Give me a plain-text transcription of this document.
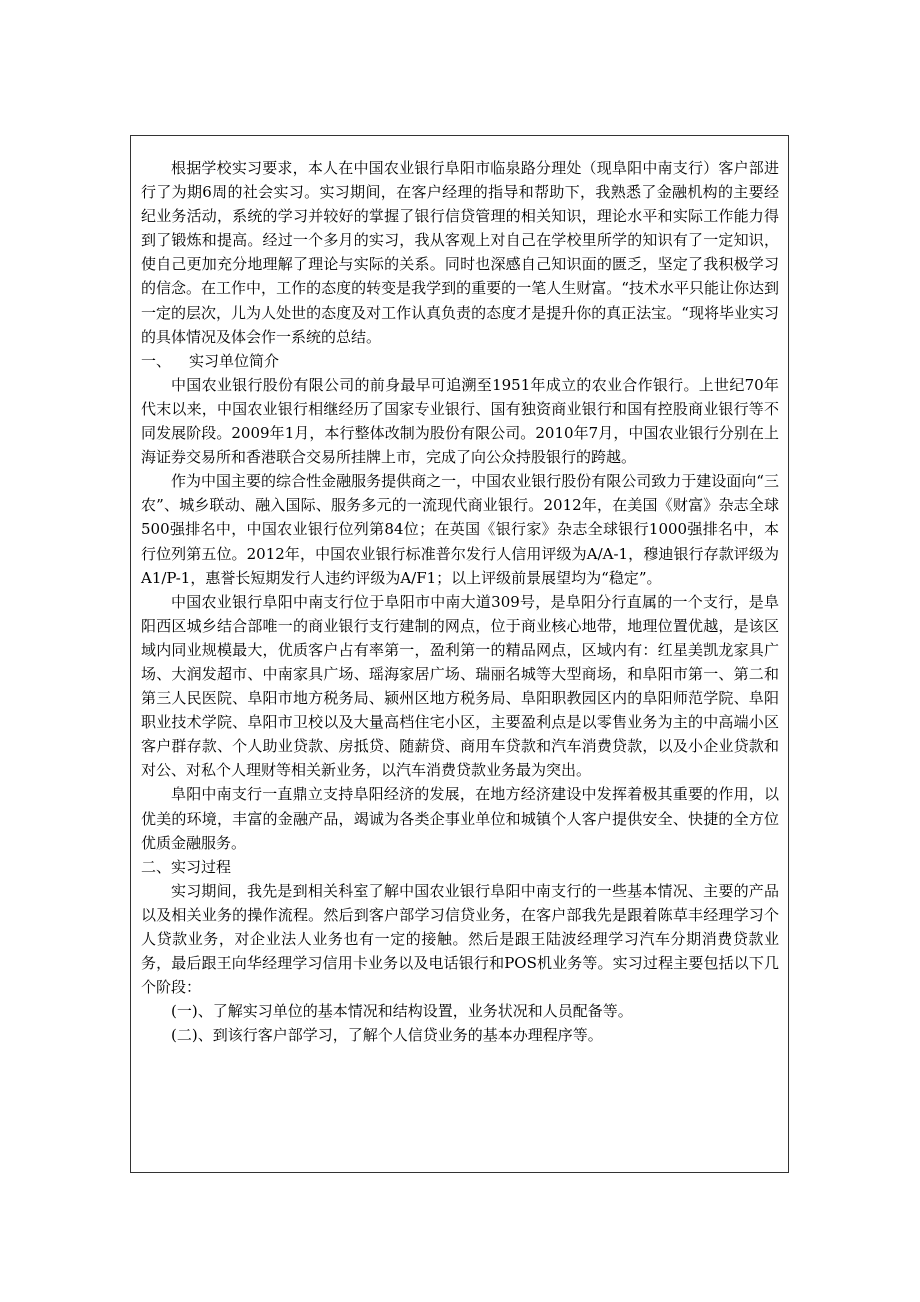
根据学校实习要求，本人在中国农业银行阜阳市临泉路分理处（现阜阳中南支行）客户部进行了为期6周的社会实习。实习期间，在客户经理的指导和帮助下，我熟悉了金融机构的主要经纪业务活动，系统的学习并较好的掌握了银行信贷管理的相关知识，理论水平和实际工作能力得到了锻炼和提高。经过一个多月的实习，我从客观上对自己在学校里所学的知识有了一定知识，使自己更加充分地理解了理论与实际的关系。同时也深感自己知识面的匮乏，坚定了我积极学习的信念。在工作中，工作的态度的转变是我学到的重要的一笔人生财富。“技术水平只能让你达到一定的层次，儿为人处世的态度及对工作认真负责的态度才是提升你的真正法宝。“现将毕业实习的具体情况及体会作一系统的总结。

一、 实习单位简介

中国农业银行股份有限公司的前身最早可追溯至1951年成立的农业合作银行。上世纪70年代末以来，中国农业银行相继经历了国家专业银行、国有独资商业银行和国有控股商业银行等不同发展阶段。2009年1月，本行整体改制为股份有限公司。2010年7月，中国农业银行分别在上海证券交易所和香港联合交易所挂牌上市，完成了向公众持股银行的跨越。

作为中国主要的综合性金融服务提供商之一，中国农业银行股份有限公司致力于建设面向“三农”、城乡联动、融入国际、服务多元的一流现代商业银行。2012年，在美国《财富》杂志全球500强排名中，中国农业银行位列第84位；在英国《银行家》杂志全球银行1000强排名中，本行位列第五位。2012年，中国农业银行标准普尔发行人信用评级为A/A-1，穆迪银行存款评级为A1/P-1，惠誉长短期发行人违约评级为A/F1；以上评级前景展望均为“稳定”。

中国农业银行阜阳中南支行位于阜阳市中南大道309号，是阜阳分行直属的一个支行，是阜阳西区城乡结合部唯一的商业银行支行建制的网点，位于商业核心地带，地理位置优越，是该区域内同业规模最大，优质客户占有率第一，盈利第一的精品网点，区域内有：红星美凯龙家具广场、大润发超市、中南家具广场、瑶海家居广场、瑞丽名城等大型商场，和阜阳市第一、第二和第三人民医院、阜阳市地方税务局、颍州区地方税务局、阜阳职教园区内的阜阳师范学院、阜阳职业技术学院、阜阳市卫校以及大量高档住宅小区，主要盈利点是以零售业务为主的中高端小区客户群存款、个人助业贷款、房抵贷、随薪贷、商用车贷款和汽车消费贷款，以及小企业贷款和对公、对私个人理财等相关新业务，以汽车消费贷款业务最为突出。

阜阳中南支行一直鼎立支持阜阳经济的发展，在地方经济建设中发挥着极其重要的作用，以优美的环境，丰富的金融产品，竭诚为各类企事业单位和城镇个人客户提供安全、快捷的全方位优质金融服务。

二、实习过程

实习期间，我先是到相关科室了解中国农业银行阜阳中南支行的一些基本情况、主要的产品以及相关业务的操作流程。然后到客户部学习信贷业务，在客户部我先是跟着陈草丰经理学习个人贷款业务，对企业法人业务也有一定的接触。然后是跟王陆波经理学习汽车分期消费贷款业务，最后跟王向华经理学习信用卡业务以及电话银行和POS机业务等。实习过程主要包括以下几个阶段：

(一)、了解实习单位的基本情况和结构设置，业务状况和人员配备等。

(二)、到该行客户部学习，了解个人信贷业务的基本办理程序等。
